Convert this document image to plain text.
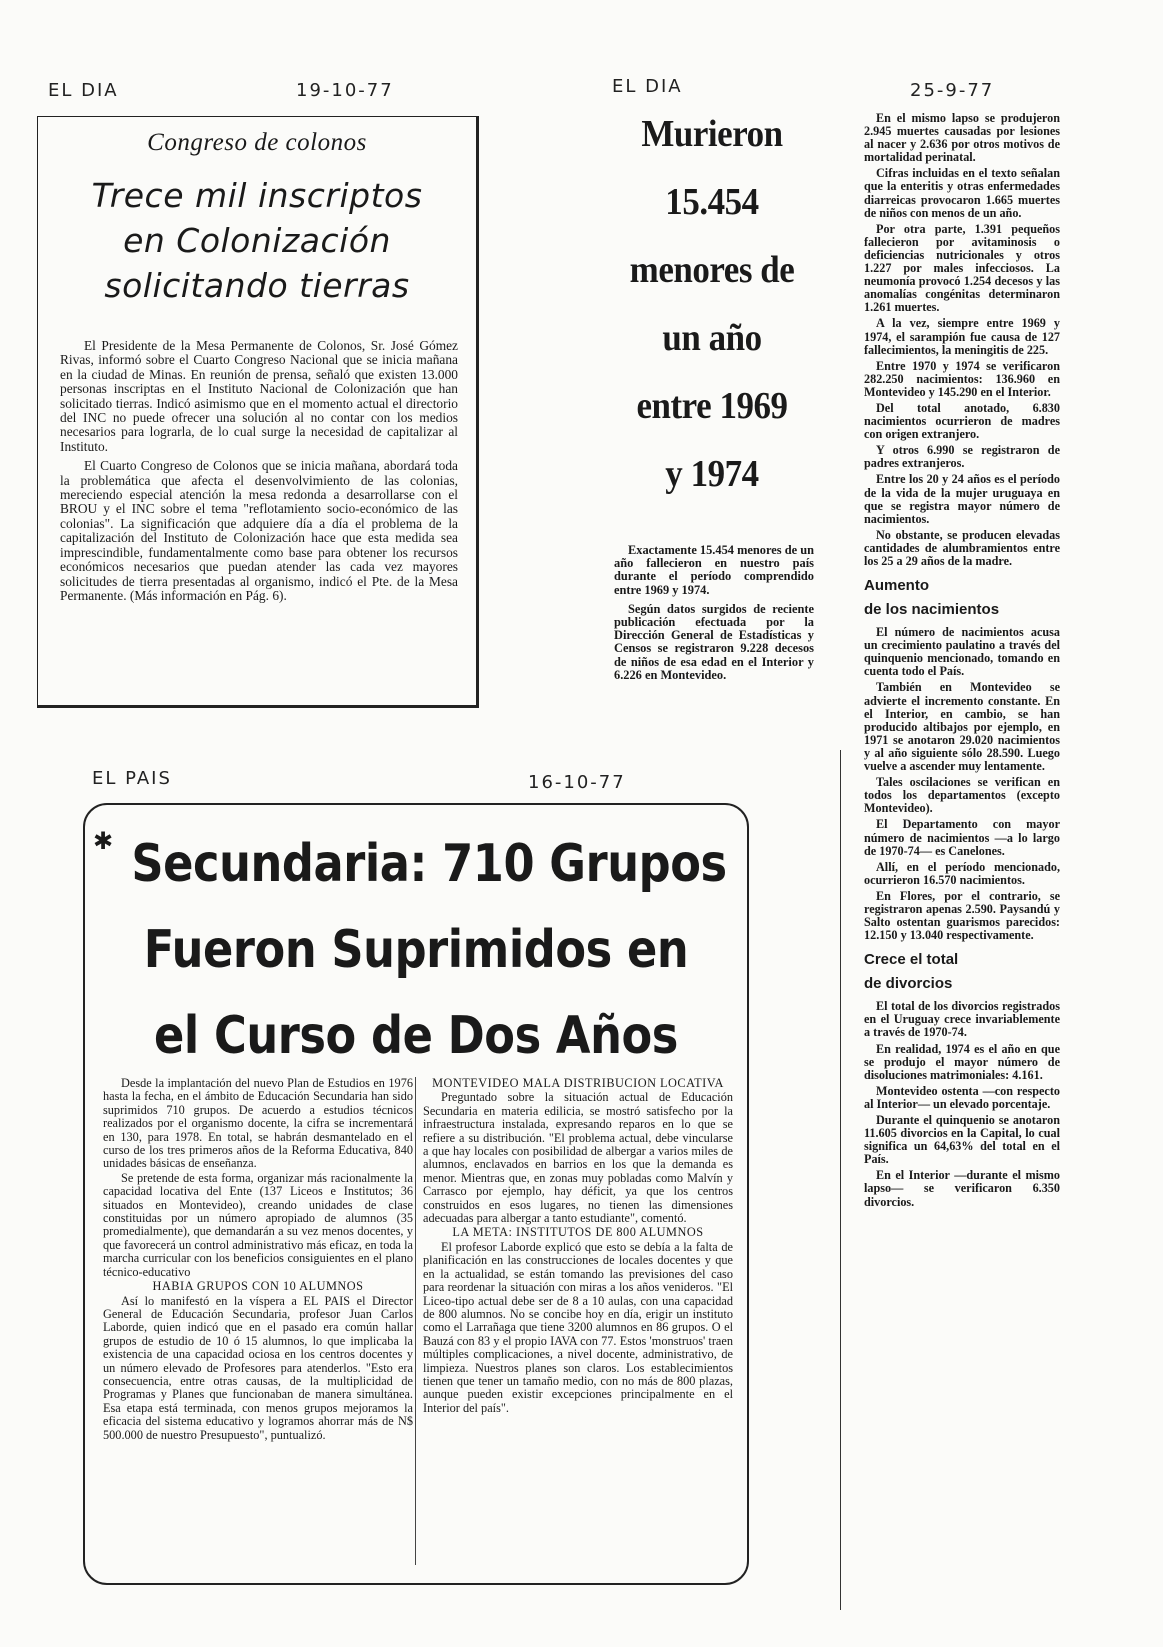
EL DIA	19-10-77	EL DIA	25-9-77
EL PAIS	16-10-77
Congreso de colonos
Trece mil inscriptos
en Colonización
solicitando tierras

El Presidente de la Mesa Permanente de Colonos, Sr. José Gómez Rivas, informó sobre el Cuarto Congreso Nacional que se inicia mañana en la ciudad de Minas. En reunión de prensa, señaló que existen 13.000 personas inscriptas en el Instituto Nacional de Colonización que han solicitado tierras. Indicó asimismo que en el momento actual el directorio del INC no puede ofrecer una solución al no contar con los medios necesarios para lograrla, de lo cual surge la necesidad de capitalizar al Instituto.

El Cuarto Congreso de Colonos que se inicia mañana, abordará toda la problemática que afecta el desenvolvimiento de las colonias, mereciendo especial atención la mesa redonda a desarrollarse con el BROU y el INC sobre el tema "reflotamiento socio-económico de las colonias". La significación que adquiere día a día el problema de la capitalización del Instituto de Colonización hace que esta medida sea imprescindible, fundamentalmente como base para obtener los recursos económicos necesarios que puedan atender las cada vez mayores solicitudes de tierra presentadas al organismo, indicó el Pte. de la Mesa Permanente. (Más información en Pág. 6).

Murieron
15.454
menores de
un año
entre 1969
y 1974

Exactamente 15.454 menores de un año fallecieron en nuestro país durante el período comprendido entre 1969 y 1974.

Según datos surgidos de reciente publicación efectuada por la Dirección General de Estadísticas y Censos se registraron 9.228 decesos de niños de esa edad en el Interior y 6.226 en Montevideo.

En el mismo lapso se produjeron 2.945 muertes causadas por lesiones al nacer y 2.636 por otros motivos de mortalidad perinatal.

Cifras incluidas en el texto señalan que la enteritis y otras enfermedades diarreicas provocaron 1.665 muertes de niños con menos de un año.

Por otra parte, 1.391 pequeños fallecieron por avitaminosis o deficiencias nutricionales y otros 1.227 por males infecciosos. La neumonía provocó 1.254 decesos y las anomalías congénitas determinaron 1.261 muertes.

A la vez, siempre entre 1969 y 1974, el sarampión fue causa de 127 fallecimientos, la meningitis de 225.

Entre 1970 y 1974 se verificaron 282.250 nacimientos: 136.960 en Montevideo y 145.290 en el Interior.

Del total anotado, 6.830 nacimientos ocurrieron de madres con origen extranjero.

Y otros 6.990 se registraron de padres extranjeros.

Entre los 20 y 24 años es el período de la vida de la mujer uruguaya en que se registra mayor número de nacimientos.

No obstante, se producen elevadas cantidades de alumbramientos entre los 25 a 29 años de la madre.

Aumento
de los nacimientos

El número de nacimientos acusa un crecimiento paulatino a través del quinquenio mencionado, tomando en cuenta todo el País.

También en Montevideo se advierte el incremento constante. En el Interior, en cambio, se han producido altibajos por ejemplo, en 1971 se anotaron 29.020 nacimientos y al año siguiente sólo 28.590. Luego vuelve a ascender muy lentamente.

Tales oscilaciones se verifican en todos los departamentos (excepto Montevideo).

El Departamento con mayor número de nacimientos —a lo largo de 1970-74— es Canelones.

Allí, en el período mencionado, ocurrieron 16.570 nacimientos.

En Flores, por el contrario, se registraron apenas 2.590. Paysandú y Salto ostentan guarismos parecidos: 12.150 y 13.040 respectivamente.

Crece el total
de divorcios

El total de los divorcios registrados en el Uruguay crece invariablemente a través de 1970-74.

En realidad, 1974 es el año en que se produjo el mayor número de disoluciones matrimoniales: 4.161.

Montevideo ostenta —con respecto al Interior— un elevado porcentaje.

Durante el quinquenio se anotaron 11.605 divorcios en la Capital, lo cual significa un 64,63% del total en el País.

En el Interior —durante el mismo lapso— se verificaron 6.350 divorcios.

✱ Secundaria: 710 Grupos
Fueron Suprimidos en
el Curso de Dos Años

Desde la implantación del nuevo Plan de Estudios en 1976 hasta la fecha, en el ámbito de Educación Secundaria han sido suprimidos 710 grupos. De acuerdo a estudios técnicos realizados por el organismo docente, la cifra se incrementará en 130, para 1978. En total, se habrán desmantelado en el curso de los tres primeros años de la Reforma Educativa, 840 unidades básicas de enseñanza.

Se pretende de esta forma, organizar más racionalmente la capacidad locativa del Ente (137 Liceos e Institutos; 36 situados en Montevideo), creando unidades de clase constituidas por un número apropiado de alumnos (35 promedialmente), que demandarán a su vez menos docentes, y que favorecerá un control administrativo más eficaz, en toda la marcha curricular con los beneficios consiguientes en el plano técnico-educativo

HABIA GRUPOS CON 10 ALUMNOS

Así lo manifestó en la víspera a EL PAIS el Director General de Educación Secundaria, profesor Juan Carlos Laborde, quien indicó que en el pasado era común hallar grupos de estudio de 10 ó 15 alumnos, lo que implicaba la existencia de una capacidad ociosa en los centros docentes y un número elevado de Profesores para atenderlos. "Esto era consecuencia, entre otras causas, de la multiplicidad de Programas y Planes que funcionaban de manera simultánea. Esa etapa está terminada, con menos grupos mejoramos la eficacia del sistema educativo y logramos ahorrar más de N$ 500.000 de nuestro Presupuesto", puntualizó.

MONTEVIDEO MALA DISTRIBUCION LOCATIVA

Preguntado sobre la situación actual de Educación Secundaria en materia edilicia, se mostró satisfecho por la infraestructura instalada, expresando reparos en lo que se refiere a su distribución. "El problema actual, debe vincularse a que hay locales con posibilidad de albergar a varios miles de alumnos, enclavados en barrios en los que la demanda es menor. Mientras que, en zonas muy pobladas como Malvín y Carrasco por ejemplo, hay déficit, ya que los centros construidos en esos lugares, no tienen las dimensiones adecuadas para albergar a tanto estudiante", comentó.

LA META: INSTITUTOS DE 800 ALUMNOS

El profesor Laborde explicó que esto se debía a la falta de planificación en las construcciones de locales docentes y que en la actualidad, se están tomando las previsiones del caso para reordenar la situación con miras a los años venideros. "El Liceo-tipo actual debe ser de 8 a 10 aulas, con una capacidad de 800 alumnos. No se concibe hoy en día, erigir un instituto como el Larrañaga que tiene 3200 alumnos en 86 grupos. O el Bauzá con 83 y el propio IAVA con 77. Estos 'monstruos' traen múltiples complicaciones, a nivel docente, administrativo, de limpieza. Nuestros planes son claros. Los establecimientos tienen que tener un tamaño medio, con no más de 800 plazas, aunque pueden existir excepciones principalmente en el Interior del país".
